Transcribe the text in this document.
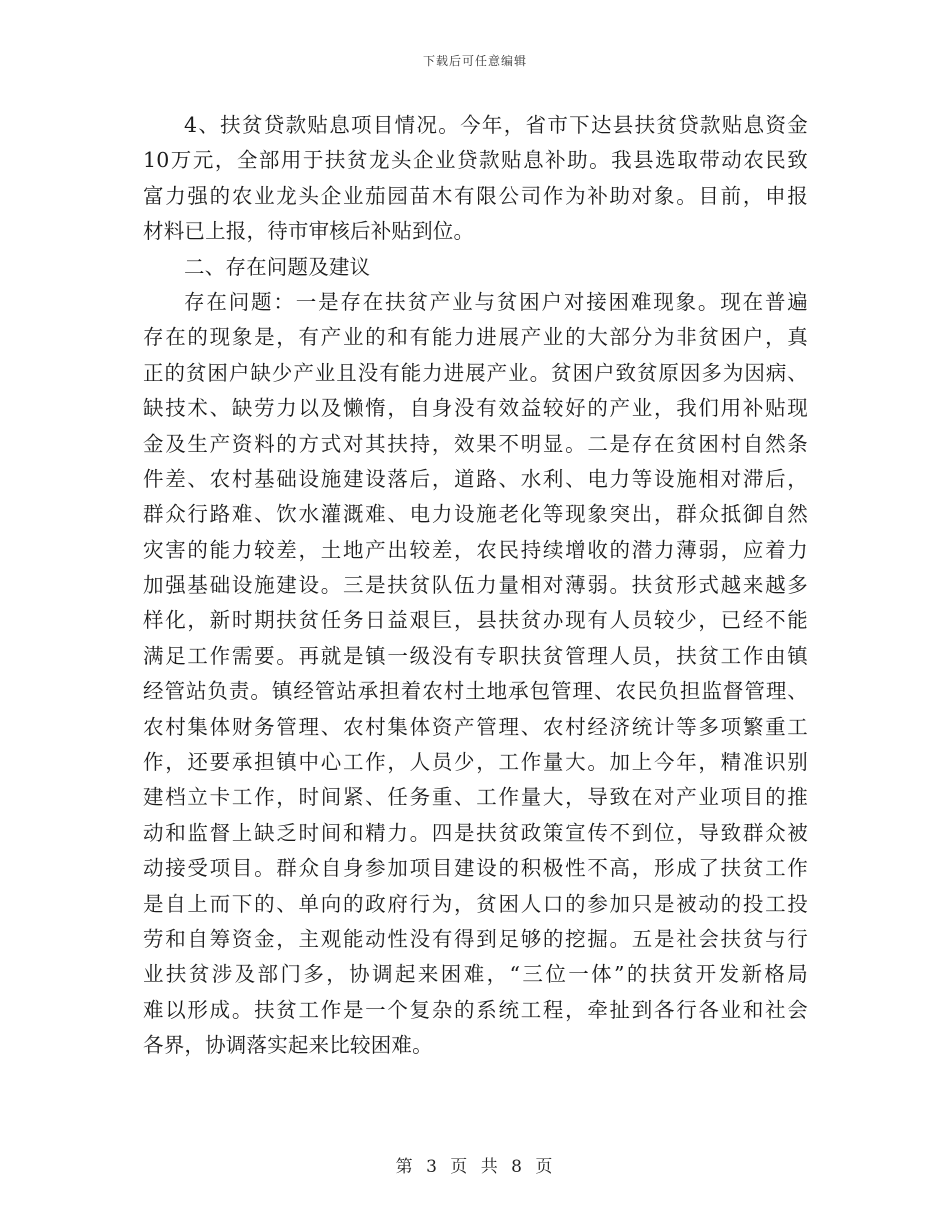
下载后可任意编辑
4、扶贫贷款贴息项目情况。今年，省市下达县扶贫贷款贴息资金
10万元，全部用于扶贫龙头企业贷款贴息补助。我县选取带动农民致
富力强的农业龙头企业茄园苗木有限公司作为补助对象。目前，申报
材料已上报，待市审核后补贴到位。
二、存在问题及建议
存在问题：一是存在扶贫产业与贫困户对接困难现象。现在普遍
存在的现象是，有产业的和有能力进展产业的大部分为非贫困户，真
正的贫困户缺少产业且没有能力进展产业。贫困户致贫原因多为因病、
缺技术、缺劳力以及懒惰，自身没有效益较好的产业，我们用补贴现
金及生产资料的方式对其扶持，效果不明显。二是存在贫困村自然条
件差、农村基础设施建设落后，道路、水利、电力等设施相对滞后，
群众行路难、饮水灌溉难、电力设施老化等现象突出，群众抵御自然
灾害的能力较差，土地产出较差，农民持续增收的潜力薄弱，应着力
加强基础设施建设。三是扶贫队伍力量相对薄弱。扶贫形式越来越多
样化，新时期扶贫任务日益艰巨，县扶贫办现有人员较少，已经不能
满足工作需要。再就是镇一级没有专职扶贫管理人员，扶贫工作由镇
经管站负责。镇经管站承担着农村土地承包管理、农民负担监督管理、
农村集体财务管理、农村集体资产管理、农村经济统计等多项繁重工
作，还要承担镇中心工作，人员少，工作量大。加上今年，精准识别
建档立卡工作，时间紧、任务重、工作量大，导致在对产业项目的推
动和监督上缺乏时间和精力。四是扶贫政策宣传不到位，导致群众被
动接受项目。群众自身参加项目建设的积极性不高，形成了扶贫工作
是自上而下的、单向的政府行为，贫困人口的参加只是被动的投工投
劳和自筹资金，主观能动性没有得到足够的挖掘。五是社会扶贫与行
业扶贫涉及部门多，协调起来困难，“三位一体”的扶贫开发新格局
难以形成。扶贫工作是一个复杂的系统工程，牵扯到各行各业和社会
各界，协调落实起来比较困难。
第 3 页 共 8 页
